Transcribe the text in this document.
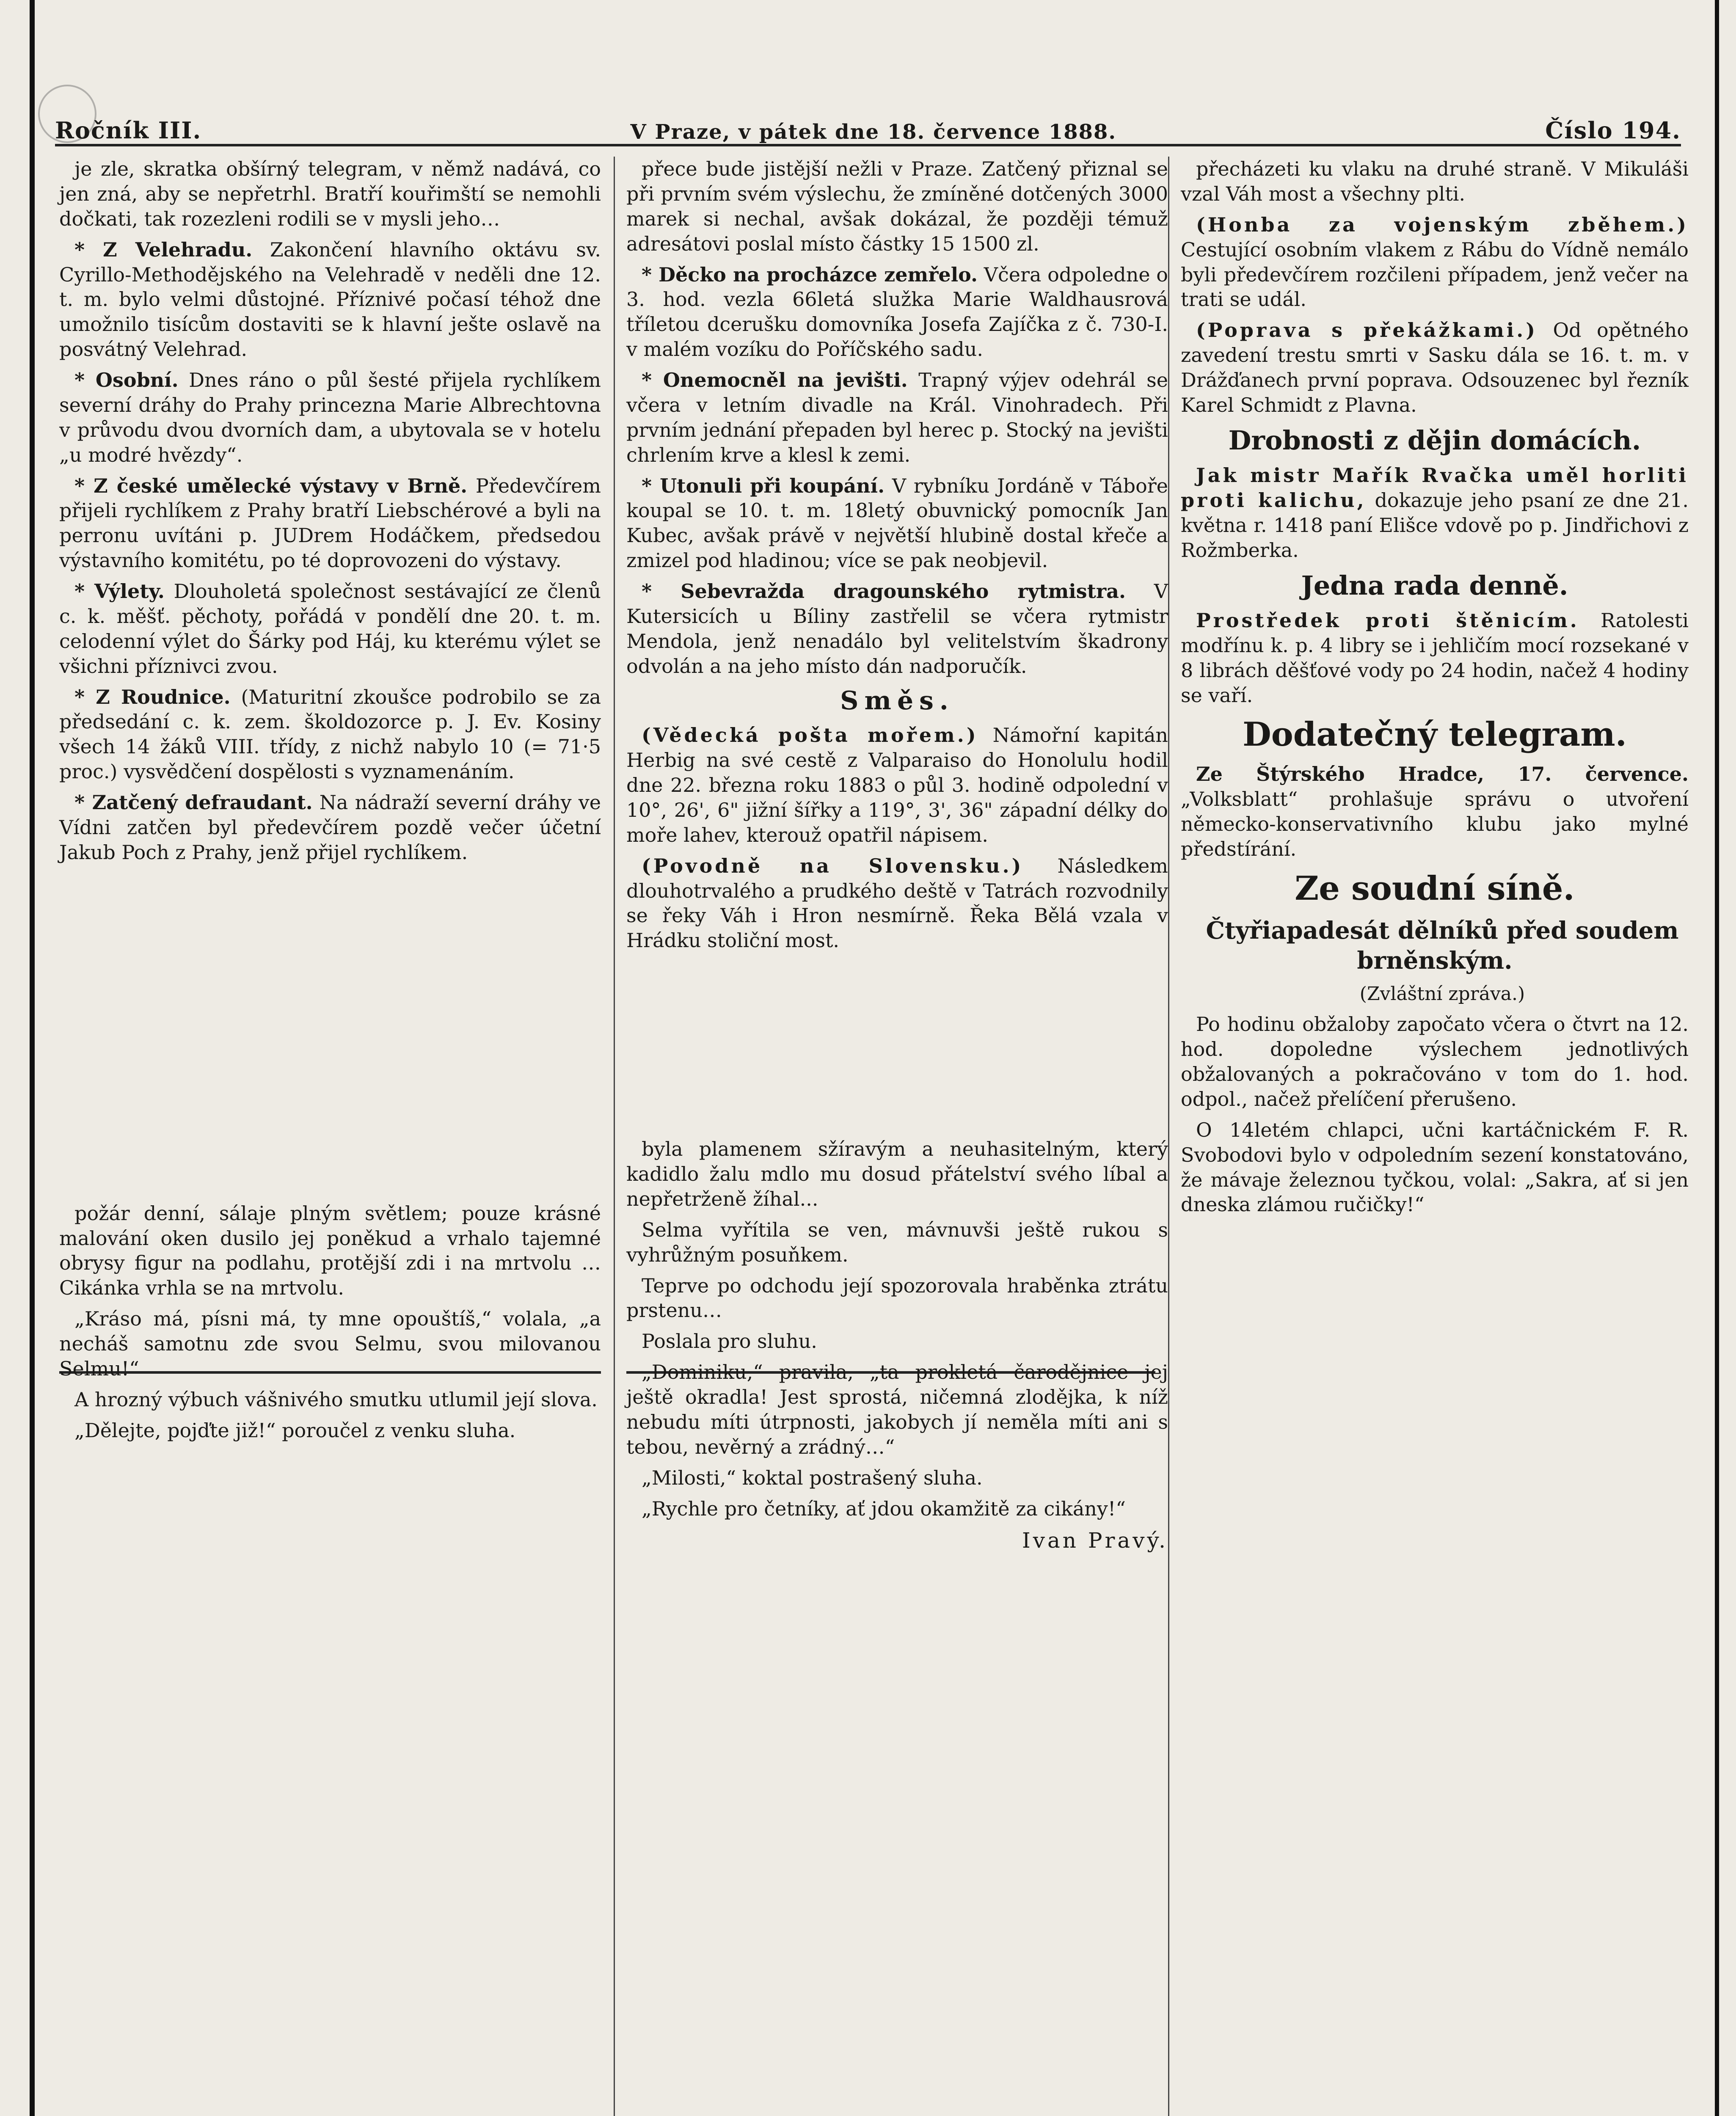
Ročník III.	V Praze, v pátek dne 18. července 1888.	Číslo 194.

je zle, skratka obšírný telegram, v němž nadává, co jen zná, aby se nepřetrhl. Bratří kouřimští se nemohli dočkati, tak rozezleni rodili se v mysli jeho…

* Z Velehradu. Zakončení hlavního oktávu sv. Cyrillo-Methodějského na Velehradě v neděli dne 12. t. m. bylo velmi důstojné. Příznivé počasí téhož dne umožnilo tisícům dostaviti se k hlavní ješte oslavě na posvátný Velehrad.

* Osobní. Dnes ráno o půl šesté přijela rychlíkem severní dráhy do Prahy princezna Marie Albrechtovna v průvodu dvou dvorních dam, a ubytovala se v hotelu „u modré hvězdy“.

* Z české umělecké výstavy v Brně. Předevčírem přijeli rychlíkem z Prahy bratří Liebschérové a byli na perronu uvítáni p. JUDrem Hodáčkem, předsedou výstavního komitétu, po té doprovozeni do výstavy.

* Výlety. Dlouholetá společnost sestávající ze členů c. k. měšť. pěchoty, pořádá v pondělí dne 20. t. m. celodenní výlet do Šárky pod Háj, ku kterému výlet se všichni příznivci zvou.

* Z Roudnice. (Maturitní zkoušce podrobilo se za předsedání c. k. zem. školdozorce p. J. Ev. Kosiny všech 14 žáků VIII. třídy, z nichž nabylo 10 (= 71·5 proc.) vysvědčení dospělosti s vyznamenáním.

* Zatčený defraudant. Na nádraží severní dráhy ve Vídni zatčen byl předevčírem pozdě večer účetní Jakub Poch z Prahy, jenž přijel rychlíkem.

požár denní, sálaje plným světlem; pouze krásné malování oken dusilo jej poněkud a vrhalo tajemné obrysy figur na podlahu, protější zdi i na mrtvolu … Cikánka vrhla se na mrtvolu.

„Kráso má, písni má, ty mne opouštíš,“ volala, „a necháš samotnu zde svou Selmu, svou milovanou Selmu!“

A hrozný výbuch vášnivého smutku utlumil její slova.

„Dělejte, pojďte již!“ poroučel z venku sluha.

přece bude jistější nežli v Praze. Zatčený přiznal se při prvním svém výslechu, že zmíněné dotčených 3000 marek si nechal, avšak dokázal, že později témuž adresátovi poslal místo částky 15 1500 zl.

* Děcko na procházce zemřelo. Včera odpoledne o 3. hod. vezla 66letá služka Marie Waldhausrová tříletou dcerušku domovníka Josefa Zajíčka z č. 730-I. v malém vozíku do Poříčského sadu.

* Onemocněl na jevišti. Trapný výjev odehrál se včera v letním divadle na Král. Vinohradech. Při prvním jednání přepaden byl herec p. Stocký na jevišti chrlením krve a klesl k zemi.

* Utonuli při koupání. V rybníku Jordáně v Táboře koupal se 10. t. m. 18letý obuvnický pomocník Jan Kubec, avšak právě v největší hlubině dostal křeče a zmizel pod hladinou; více se pak neobjevil.

* Sebevražda dragounského rytmistra. V Kutersicích u Bíliny zastřelil se včera rytmistr Mendola, jenž nenadálo byl velitelstvím škadrony odvolán a na jeho místo dán nadporučík.

Směs.

(Vědecká pošta mořem.) Námořní kapitán Herbig na své cestě z Valparaiso do Honolulu hodil dne 22. března roku 1883 o půl 3. hodině odpolední v 10°, 26', 6" jižní šířky a 119°, 3', 36" západní délky do moře lahev, kterouž opatřil nápisem.

(Povodně na Slovensku.) Následkem dlouhotrvalého a prudkého deště v Tatrách rozvodnily se řeky Váh i Hron nesmírně. Řeka Bělá vzala v Hrádku stoliční most.

byla plamenem sžíravým a neuhasitelným, který kadidlo žalu mdlo mu dosud přátelství svého líbal a nepřetrženě žíhal...

Selma vyřítila se ven, mávnuvši ještě rukou s vyhrůžným posuňkem.

Teprve po odchodu její spozorovala hraběnka ztrátu prstenu…

Poslala pro sluhu.

„Dominiku,“ pravila, „ta prokletá čarodějnice jej ještě okradla! Jest sprostá, ničemná zlodějka, k níž nebudu míti útrpnosti, jakobych jí neměla míti ani s tebou, nevěrný a zrádný…“

„Milosti,“ koktal postrašený sluha.

„Rychle pro četníky, ať jdou okamžitě za cikány!“

Ivan Pravý.

přecházeti ku vlaku na druhé straně. V Mikuláši vzal Váh most a všechny plti.

(Honba za vojenským zběhem.) Cestující osobním vlakem z Rábu do Vídně nemálo byli předevčírem rozčileni případem, jenž večer na trati se udál.

(Poprava s překážkami.) Od opětného zavedení trestu smrti v Sasku dála se 16. t. m. v Drážďanech první poprava. Odsouzenec byl řezník Karel Schmidt z Plavna.

Drobnosti z dějin domácích.

Jak mistr Mařík Rvačka uměl horliti proti kalichu, dokazuje jeho psaní ze dne 21. května r. 1418 paní Elišce vdově po p. Jindřichovi z Rožmberka.

Jedna rada denně.

Prostředek proti štěnicím. Ratolesti modřínu k. p. 4 libry se i jehličím mocí rozsekané v 8 librách děšťové vody po 24 hodin, načež 4 hodiny se vaří.

Dodatečný telegram.

Ze Štýrského Hradce, 17. července. „Volksblatt“ prohlašuje správu o utvoření německo-konservativního klubu jako mylné předstírání.

Ze soudní síně.

Čtyřiapadesát dělníků před soudem brněnským.

(Zvláštní zpráva.)

Po hodinu obžaloby započato včera o čtvrt na 12. hod. dopoledne výslechem jednotlivých obžalovaných a pokračováno v tom do 1. hod. odpol., načež přelíčení přerušeno.

O 14letém chlapci, učni kartáčnickém F. R. Svobodovi bylo v odpoledním sezení konstatováno, že mávaje železnou tyčkou, volal: „Sakra, ať si jen dneska zlámou ručičky!“
